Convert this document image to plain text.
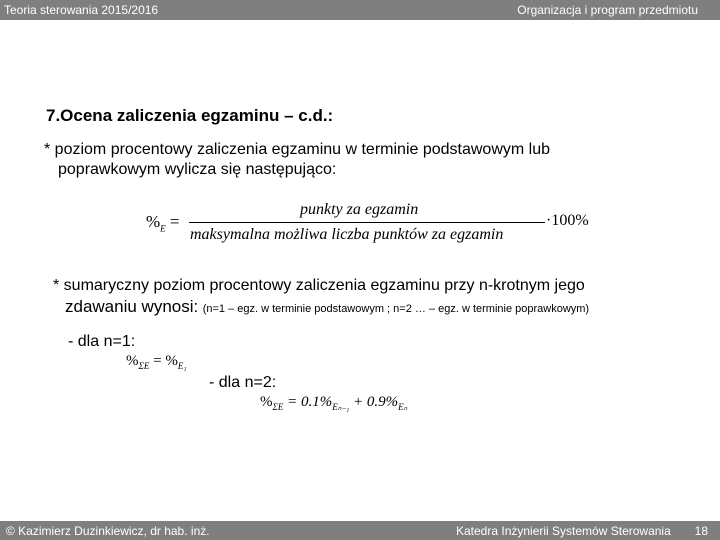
Teoria sterowania 2015/2016	Organizacja i program przedmiotu
7.Ocena zaliczenia egzaminu – c.d.:
* poziom procentowy zaliczenia egzaminu w terminie podstawowym lub
poprawkowym wylicza się następująco:
$\%_E$ =
punkty za egzamin
maksymalna możliwa liczba punktów za egzamin
·100%
* sumaryczny poziom procentowy zaliczenia egzaminu przy n-krotnym jego
zdawaniu wynosi: (n=1 – egz. w terminie podstawowym ; n=2 … – egz. w terminie poprawkowym)
- dla n=1:
$\%_{\Sigma E} = \%_{E_1}$
- dla n=2:
$\%_{\Sigma E} = 0.1\%_{E_{n-1}} + 0.9\%_{E_n}$
© Kazimierz Duzinkiewicz, dr hab. inż.	Katedra Inżynierii Systemów Sterowania 18
